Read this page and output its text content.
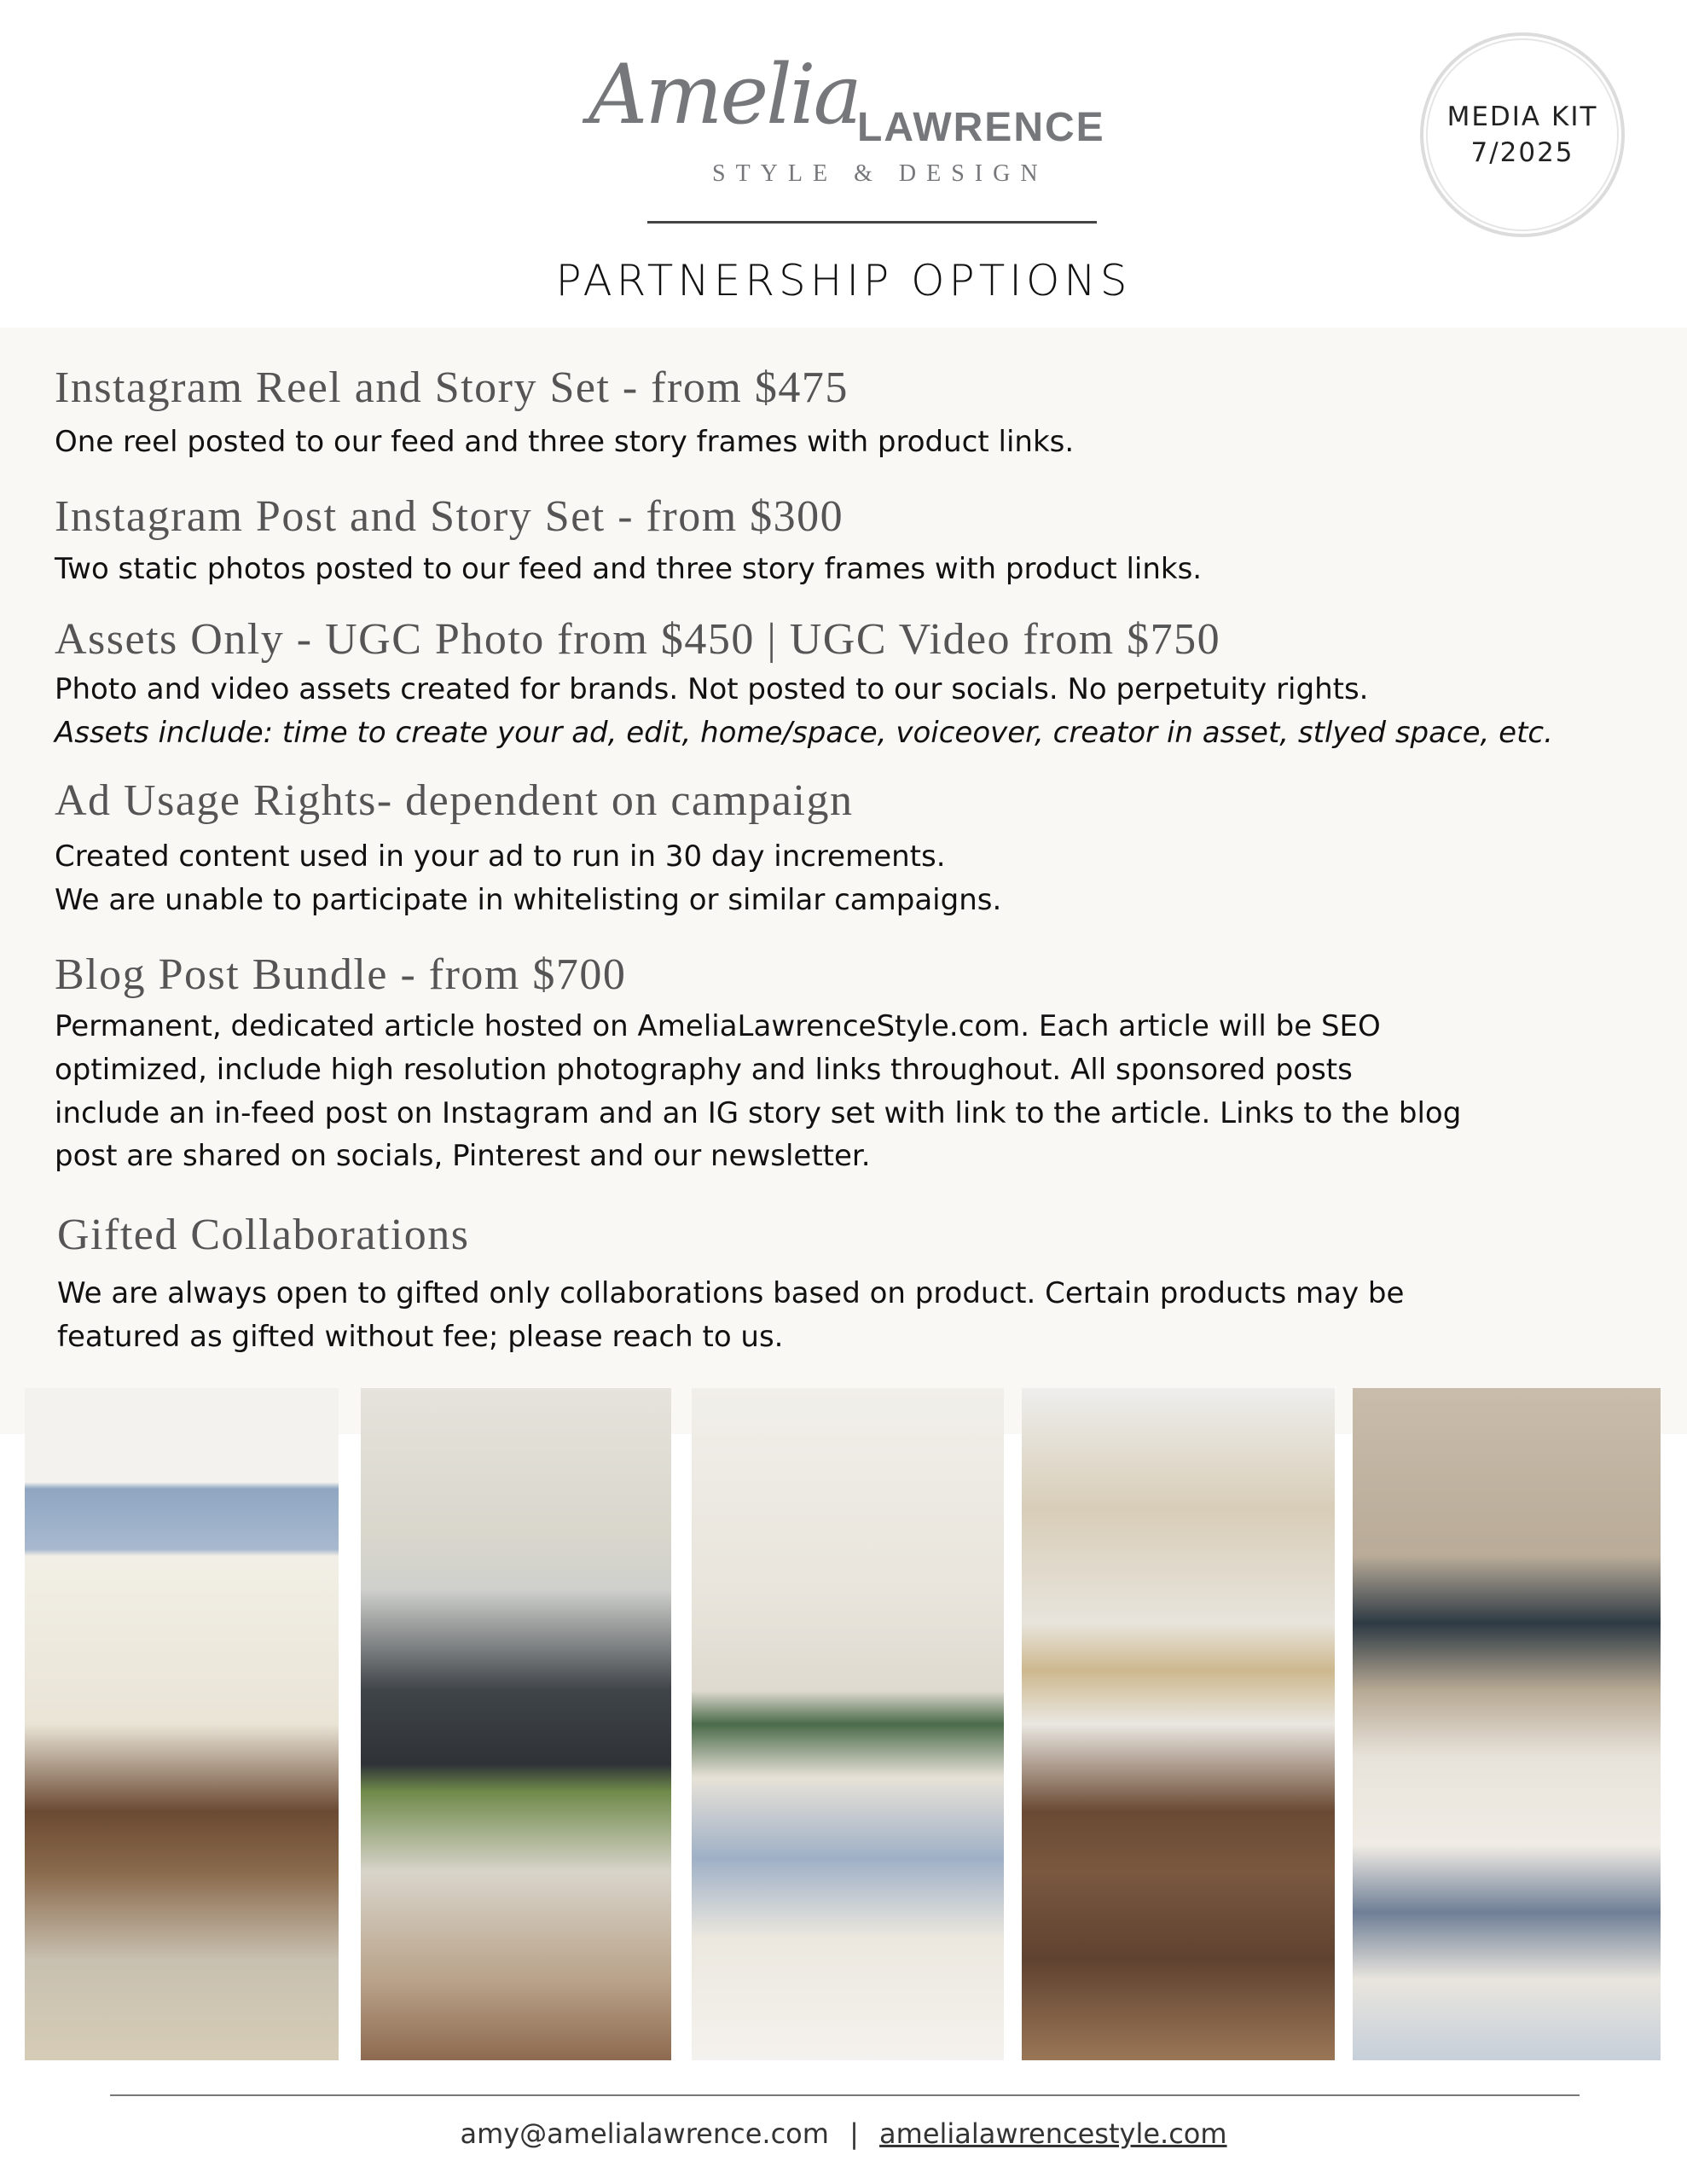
Amelia
LAWRENCE
STYLE & DESIGN
MEDIA KIT
7/2025
PARTNERSHIP OPTIONS
Instagram Reel and Story Set - from $475
One reel posted to our feed and three story frames with product links.
Instagram Post and Story Set - from $300
Two static photos posted to our feed and three story frames with product links.
Assets Only - UGC Photo from $450 | UGC Video from $750
Photo and video assets created for brands. Not posted to our socials. No perpetuity rights.
Assets include: time to create your ad, edit, home/space, voiceover, creator in asset, stlyed space, etc.
Ad Usage Rights- dependent on campaign
Created content used in your ad to run in 30 day increments.
We are unable to participate in whitelisting or similar campaigns.
Blog Post Bundle - from $700
Permanent, dedicated article hosted on AmeliaLawrenceStyle.com. Each article will be SEO
optimized, include high resolution photography and links throughout. All sponsored posts
include an in-feed post on Instagram and an IG story set with link to the article. Links to the blog
post are shared on socials, Pinterest and our newsletter.
Gifted Collaborations
We are always open to gifted only collaborations based on product. Certain products may be
featured as gifted without fee; please reach to us.
amy@amelialawrence.com | amelialawrencestyle.com
